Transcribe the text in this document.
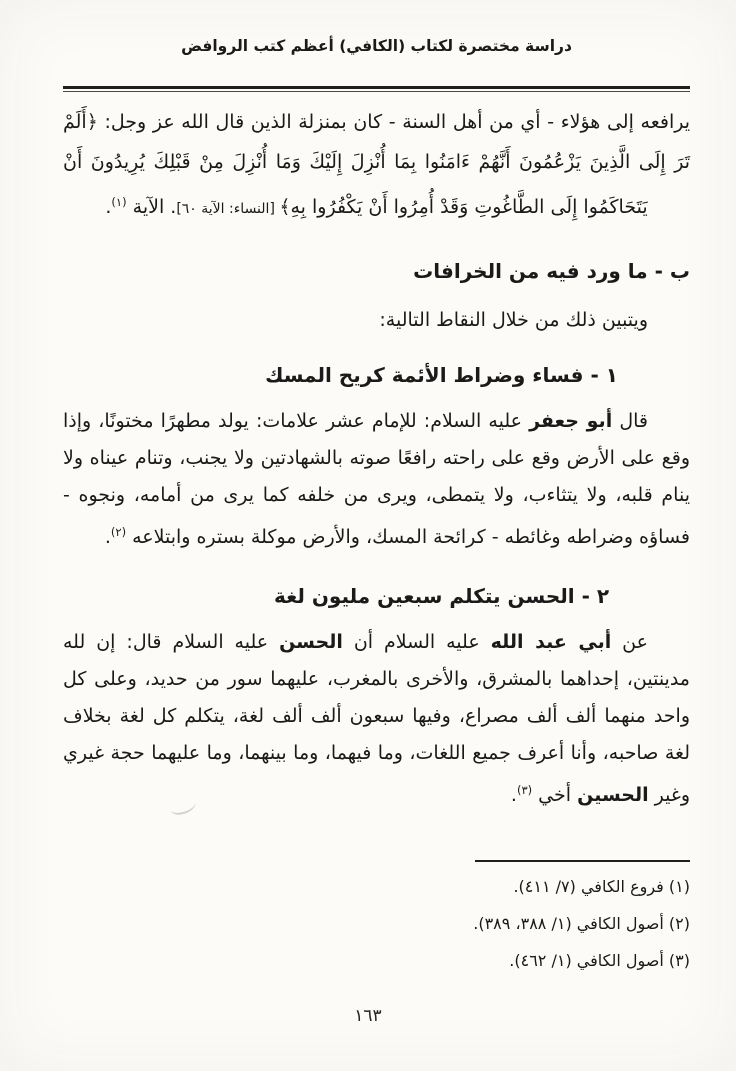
دراسة مختصرة لكتاب (الكافي) أعظم كتب الروافض

يرافعه إلى هؤلاء - أي من أهل السنة - كان بمنزلة الذين قال الله عز وجل: ﴿أَلَمْ تَرَ إِلَى الَّذِينَ يَزْعُمُونَ أَنَّهُمْ ءَامَنُوا بِمَا أُنْزِلَ إِلَيْكَ وَمَا أُنْزِلَ مِنْ قَبْلِكَ يُرِيدُونَ أَنْ يَتَحَاكَمُوا إِلَى الطَّاغُوتِ وَقَدْ أُمِرُوا أَنْ يَكْفُرُوا بِهِ﴾ [النساء: الآية ٦٠]. الآية $^{(١)}$.

ب - ما ورد فيه من الخرافات
ويتبين ذلك من خلال النقاط التالية:
١ - فساء وضراط الأئمة كريح المسك

قال أبو جعفر عليه السلام: للإمام عشر علامات: يولد مطهرًا مختونًا، وإذا وقع على الأرض وقع على راحته رافعًا صوته بالشهادتين ولا يجنب، وتنام عيناه ولا ينام قلبه، ولا يتثاءب، ولا يتمطى، ويرى من خلفه كما يرى من أمامه، ونجوه - فساؤه وضراطه وغائطه - كرائحة المسك، والأرض موكلة بستره وابتلاعه $^{(٢)}$.

٢ - الحسن يتكلم سبعين مليون لغة

عن أبي عبد الله عليه السلام أن الحسن عليه السلام قال: إن لله مدينتين، إحداهما بالمشرق، والأخرى بالمغرب، عليهما سور من حديد، وعلى كل واحد منهما ألف ألف مصراع، وفيها سبعون ألف ألف لغة، يتكلم كل لغة بخلاف لغة صاحبه، وأنا أعرف جميع اللغات، وما فيهما، وما بينهما، وما عليهما حجة غيري وغير الحسين أخي $^{(٣)}$.

(١) فروع الكافي (٧/ ٤١١).
(٢) أصول الكافي (١/ ٣٨٨، ٣٨٩).
(٣) أصول الكافي (١/ ٤٦٢).
١٦٣
